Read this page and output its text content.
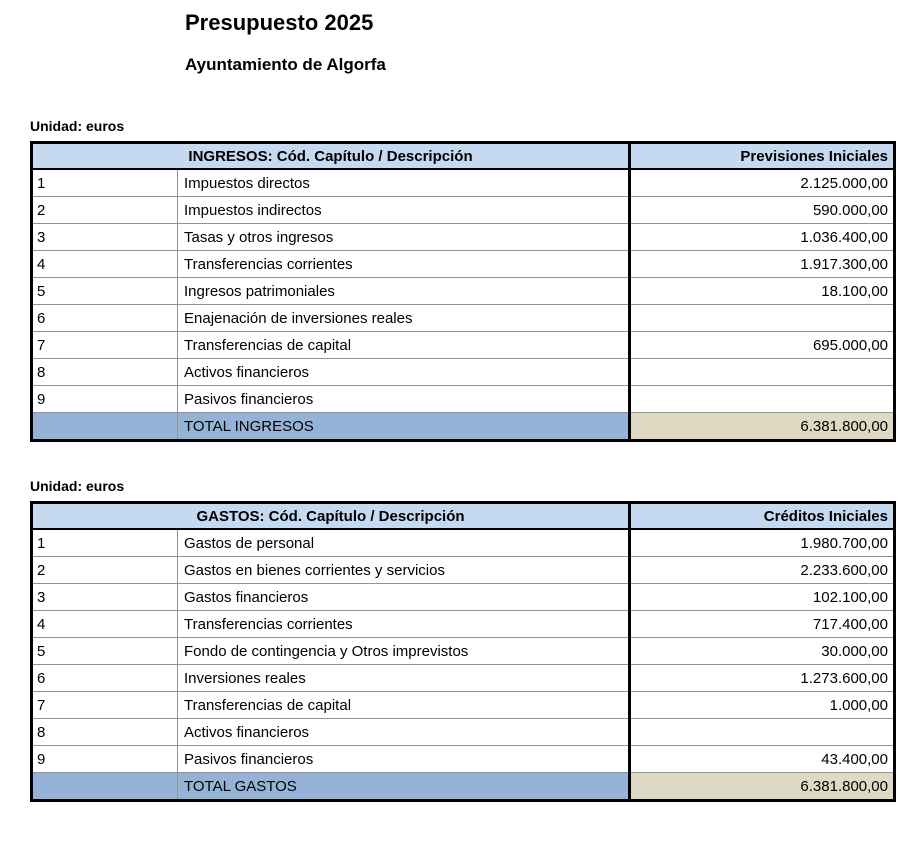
Presupuesto 2025
Ayuntamiento de Algorfa
Unidad: euros
INGRESOS: Cód. Capítulo / Descripción		Previsiones Iniciales
1	Impuestos directos	2.125.000,00
2	Impuestos indirectos	590.000,00
3	Tasas y otros ingresos	1.036.400,00
4	Transferencias corrientes	1.917.300,00
5	Ingresos patrimoniales	18.100,00
6	Enajenación de inversiones reales	
7	Transferencias de capital	695.000,00
8	Activos financieros	
9	Pasivos financieros	
	TOTAL INGRESOS	6.381.800,00
Unidad: euros
GASTOS: Cód. Capítulo / Descripción		Créditos Iniciales
1	Gastos de personal	1.980.700,00
2	Gastos en bienes corrientes y servicios	2.233.600,00
3	Gastos financieros	102.100,00
4	Transferencias corrientes	717.400,00
5	Fondo de contingencia y Otros imprevistos	30.000,00
6	Inversiones reales	1.273.600,00
7	Transferencias de capital	1.000,00
8	Activos financieros	
9	Pasivos financieros	43.400,00
	TOTAL GASTOS	6.381.800,00
